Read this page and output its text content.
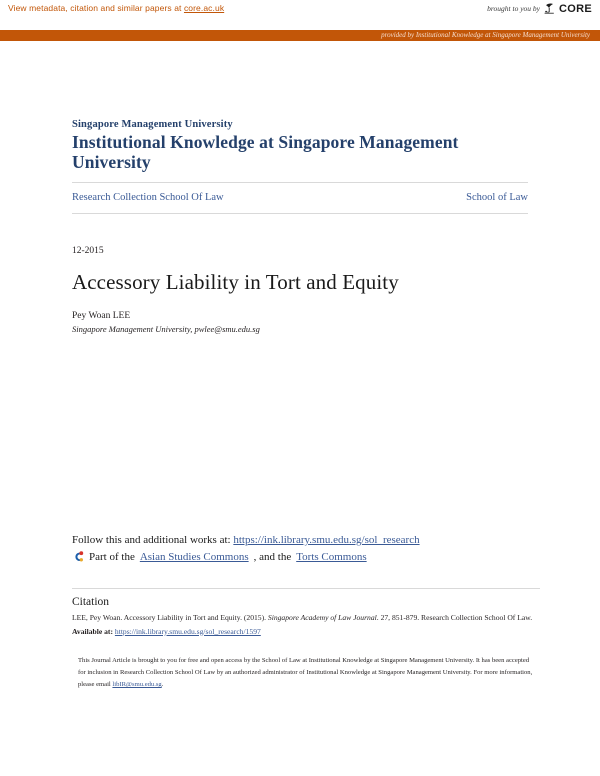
View metadata, citation and similar papers at core.ac.uk	brought to you by CORE
provided by Institutional Knowledge at Singapore Management University
Singapore Management University
Institutional Knowledge at Singapore Management University
Research Collection School Of Law	School of Law
12-2015
Accessory Liability in Tort and Equity
Pey Woan LEE
Singapore Management University, pwlee@smu.edu.sg
Follow this and additional works at: https://ink.library.smu.edu.sg/sol_research
Part of the Asian Studies Commons , and the Torts Commons
Citation
LEE, Pey Woan. Accessory Liability in Tort and Equity. (2015). Singapore Academy of Law Journal. 27, 851-879. Research Collection School Of Law.
Available at: https://ink.library.smu.edu.sg/sol_research/1597
This Journal Article is brought to you for free and open access by the School of Law at Institutional Knowledge at Singapore Management University. It has been accepted for inclusion in Research Collection School Of Law by an authorized administrator of Institutional Knowledge at Singapore Management University. For more information, please email libIR@smu.edu.sg.
